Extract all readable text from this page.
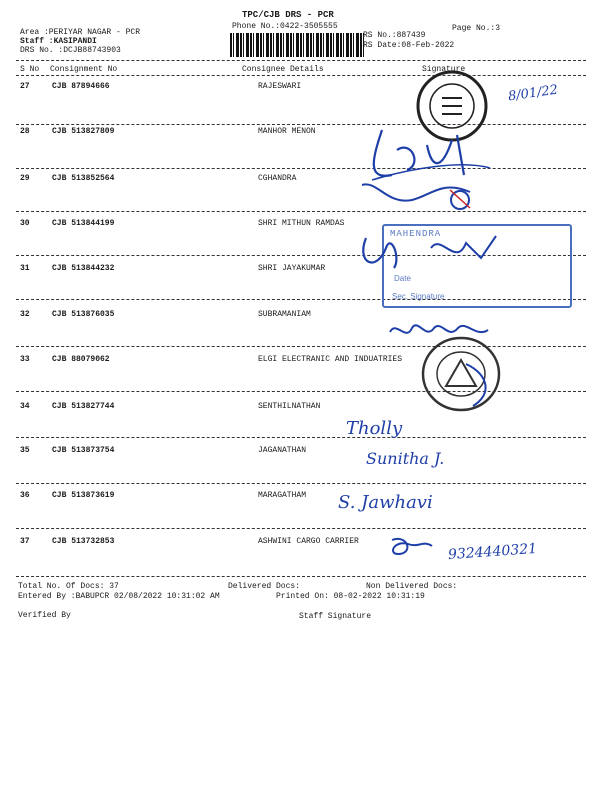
TPC/CJB DRS - PCR
Phone No.:0422-3505555	Page No.:3
Area :PERIYAR NAGAR - PCR
Staff :KASIPANDI
DRS No. :DCJB88743903
RS No.:887439
RS Date:08-Feb-2022
S No Consignment No	Consignee Details	Signature
27	CJB 87894666	RAJESWARI
28	CJB 513827809	MANHOR MENON
29	CJB 513852564	CGHANDRA
30	CJB 513844199	SHRI MITHUN RAMDAS
31	CJB 513844232	SHRI JAYAKUMAR
32	CJB 513876035	SUBRAMANIAM
33	CJB 88079062	ELGI ELECTRANIC AND INDUATRIES
34	CJB 513827744	SENTHILNATHAN
35	CJB 513873754	JAGANATHAN
36	CJB 513873619	MARAGATHAM
37	CJB 513732853	ASHWINI CARGO CARRIER
Total No. Of Docs: 37	Delivered Docs:	Non Delivered Docs:
Entered By :BABUPCR 02/08/2022 10:31:02 AM	Printed On: 08-02-2022 10:31:19
Verified By	Staff Signature
MAHENDRA
Date
Sec. Signature
8/01/22
Tholly
Sunitha J.
S. Jawhavi
9324440321
